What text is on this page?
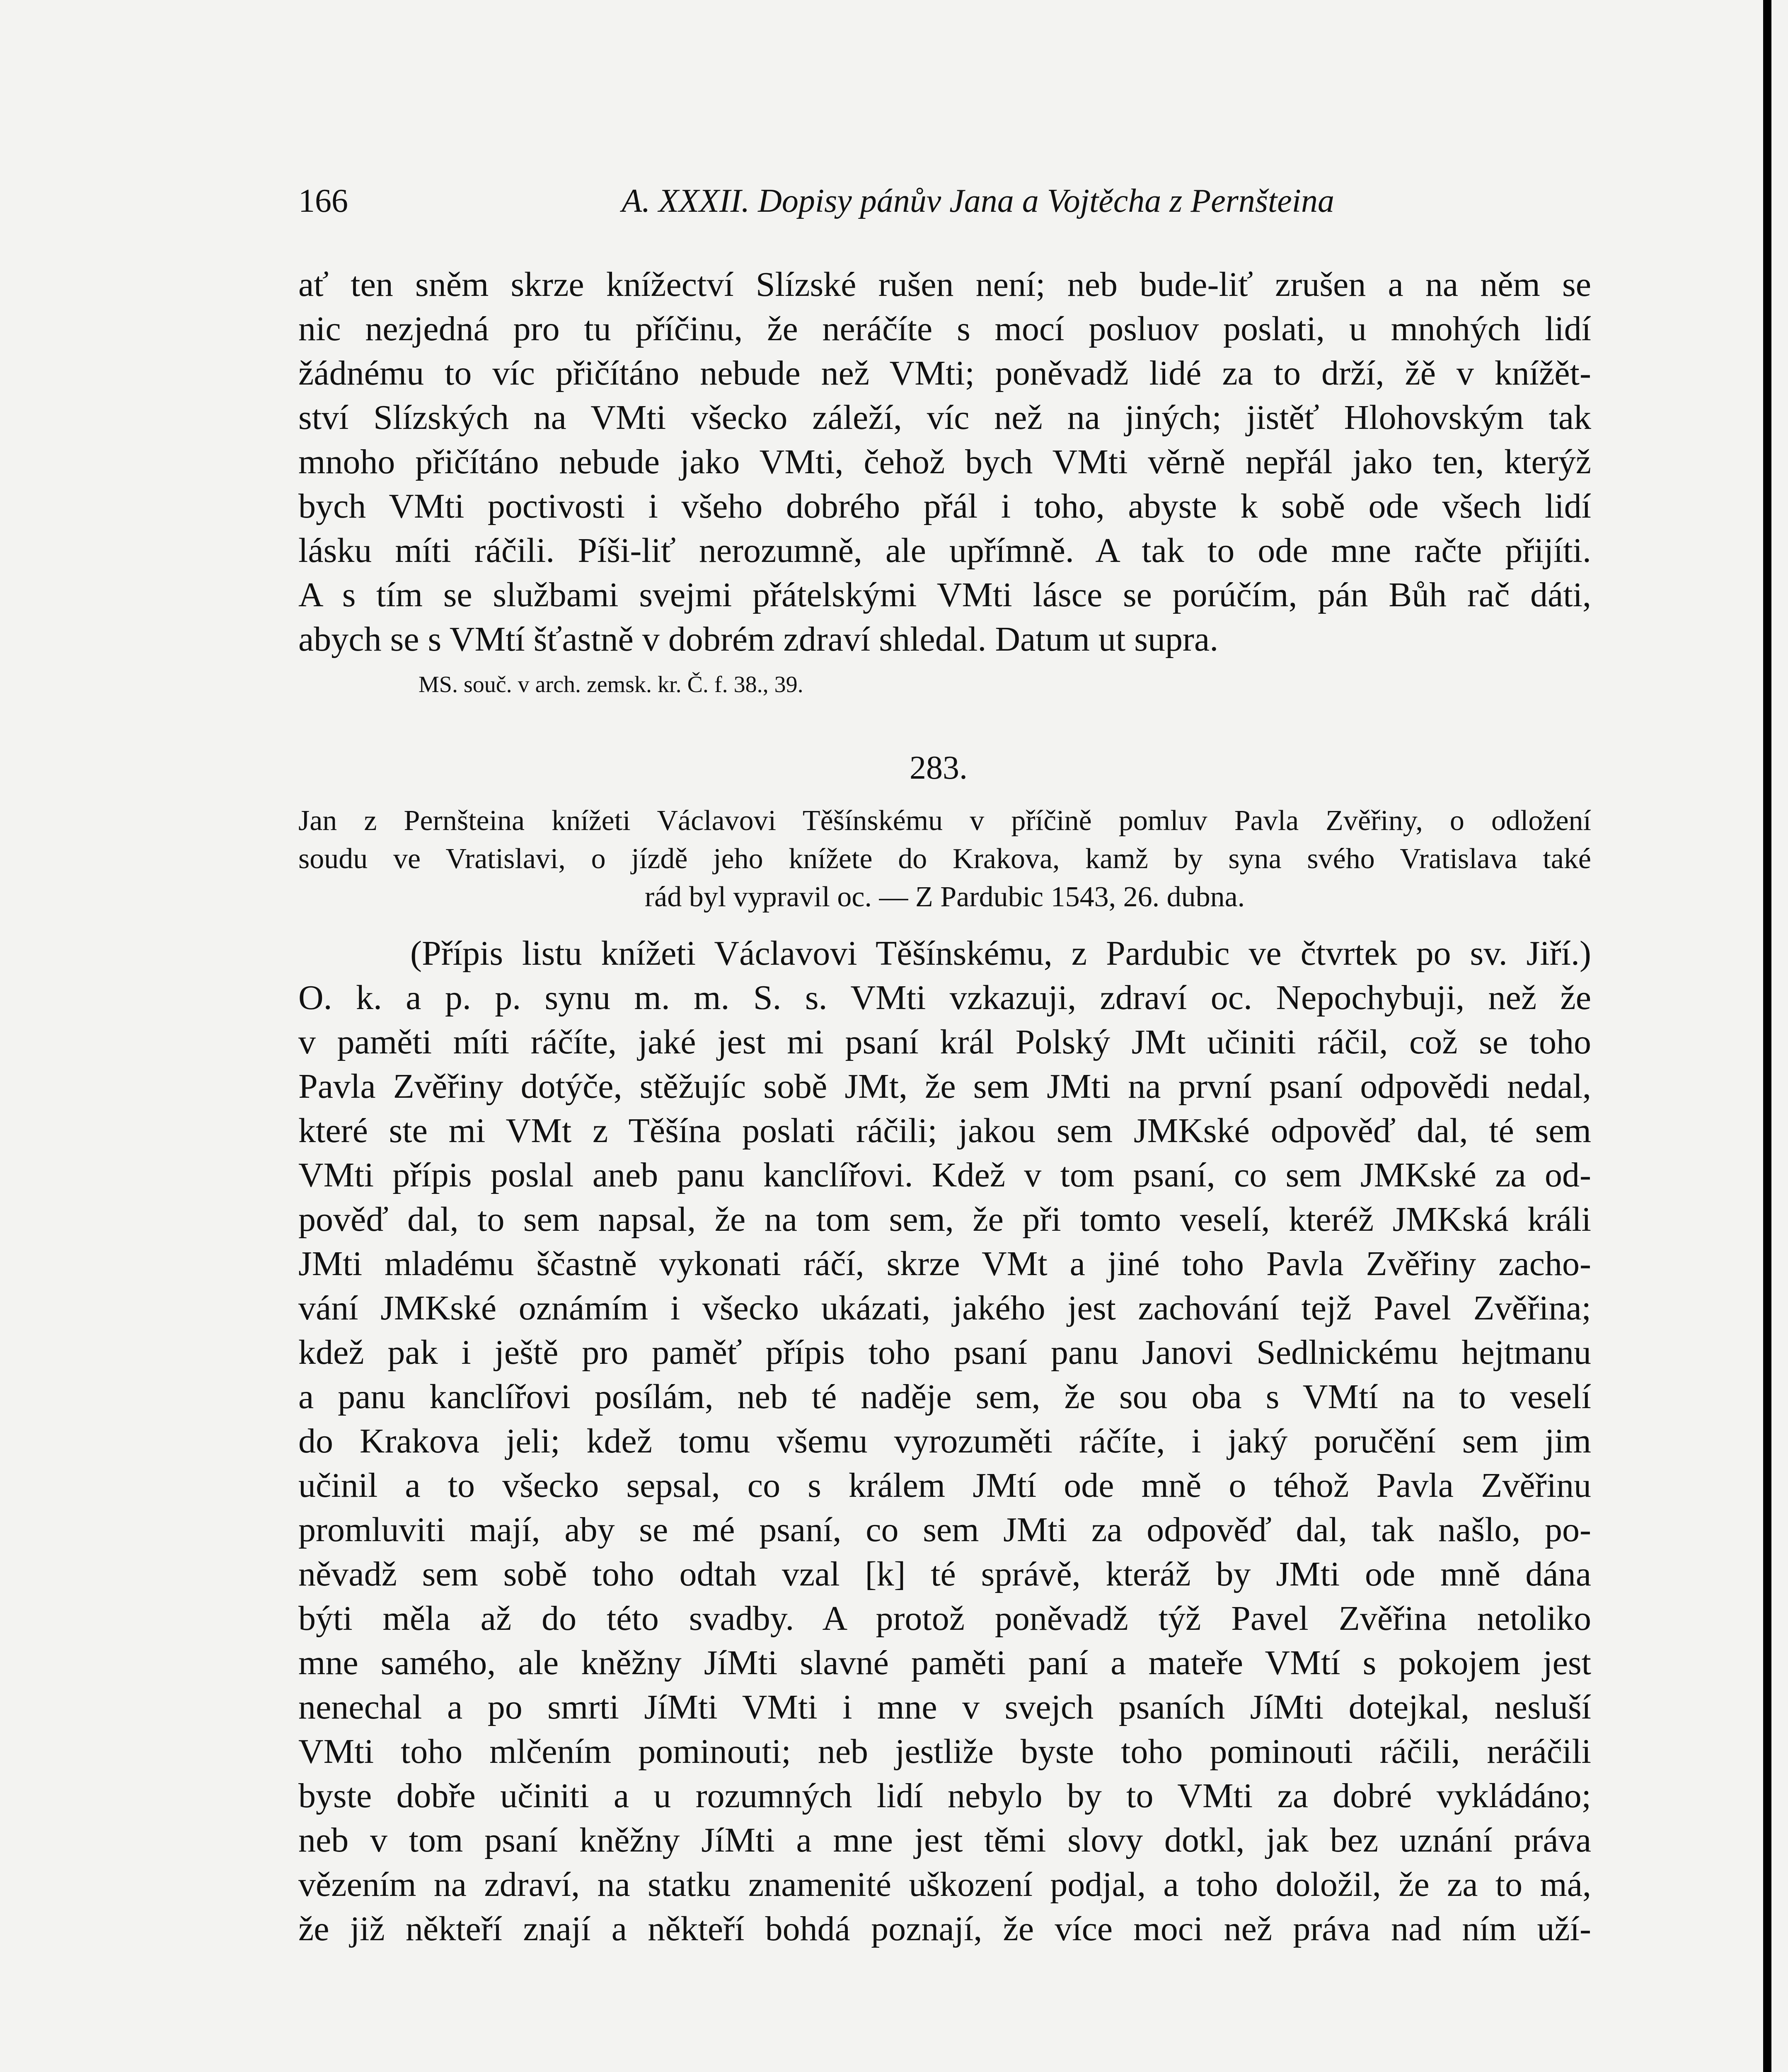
166	A. XXXII. Dopisy pánův Jana a Vojtěcha z Pernšteina
ať ten sněm skrze knížectví Slízské rušen není; neb bude-liť zrušen a na něm se
nic nezjedná pro tu příčinu, že neráčíte s mocí posluov poslati, u mnohých lidí
žádnému to víc přičítáno nebude než VMti; poněvadž lidé za to drží, žě v knížět-
ství Slízských na VMti všecko záleží, víc než na jiných; jistěť Hlohovským tak
mnoho přičítáno nebude jako VMti, čehož bych VMti věrně nepřál jako ten, kterýž
bych VMti poctivosti i všeho dobrého přál i toho, abyste k sobě ode všech lidí
lásku míti ráčili. Píši-liť nerozumně, ale upřímně. A tak to ode mne račte přijíti.
A s tím se službami svejmi přátelskými VMti lásce se porúčím, pán Bůh rač dáti,
abych se s VMtí šťastně v dobrém zdraví shledal. Datum ut supra.
MS. souč. v arch. zemsk. kr. Č. f. 38., 39.
283.
Jan z Pernšteina knížeti Václavovi Těšínskému v příčině pomluv Pavla Zvěřiny, o odložení
soudu ve Vratislavi, o jízdě jeho knížete do Krakova, kamž by syna svého Vratislava také
rád byl vypravil oc. — Z Pardubic 1543, 26. dubna.
(Přípis listu knížeti Václavovi Těšínskému, z Pardubic ve čtvrtek po sv. Jiří.)
O. k. a p. p. synu m. m. S. s. VMti vzkazuji, zdraví oc. Nepochybuji, než že
v paměti míti ráčíte, jaké jest mi psaní král Polský JMt učiniti ráčil, což se toho
Pavla Zvěřiny dotýče, stěžujíc sobě JMt, že sem JMti na první psaní odpovědi nedal,
které ste mi VMt z Těšína poslati ráčili; jakou sem JMKské odpověď dal, té sem
VMti přípis poslal aneb panu kanclířovi. Kdež v tom psaní, co sem JMKské za od-
pověď dal, to sem napsal, že na tom sem, že při tomto veselí, kteréž JMKská králi
JMti mladému ščastně vykonati ráčí, skrze VMt a jiné toho Pavla Zvěřiny zacho-
vání JMKské oznámím i všecko ukázati, jakého jest zachování tejž Pavel Zvěřina;
kdež pak i ještě pro paměť přípis toho psaní panu Janovi Sedlnickému hejtmanu
a panu kanclířovi posílám, neb té naděje sem, že sou oba s VMtí na to veselí
do Krakova jeli; kdež tomu všemu vyrozuměti ráčíte, i jaký poručění sem jim
učinil a to všecko sepsal, co s králem JMtí ode mně o téhož Pavla Zvěřinu
promluviti mají, aby se mé psaní, co sem JMti za odpověď dal, tak našlo, po-
něvadž sem sobě toho odtah vzal [k] té správě, kteráž by JMti ode mně dána
býti měla až do této svadby. A protož poněvadž týž Pavel Zvěřina netoliko
mne samého, ale kněžny JíMti slavné paměti paní a mateře VMtí s pokojem jest
nenechal a po smrti JíMti VMti i mne v svejch psaních JíMti dotejkal, nesluší
VMti toho mlčením pominouti; neb jestliže byste toho pominouti ráčili, neráčili
byste dobře učiniti a u rozumných lidí nebylo by to VMti za dobré vykládáno;
neb v tom psaní kněžny JíMti a mne jest těmi slovy dotkl, jak bez uznání práva
vězením na zdraví, na statku znamenité uškození podjal, a toho doložil, že za to má,
že již někteří znají a někteří bohdá poznají, že více moci než práva nad ním uží-
